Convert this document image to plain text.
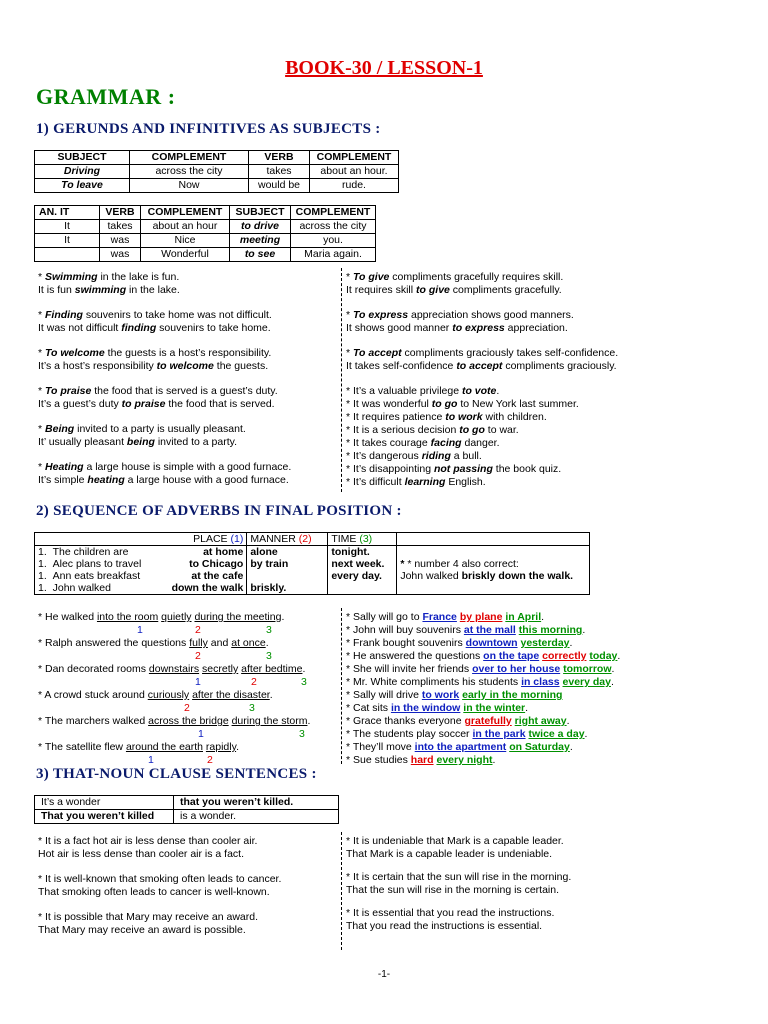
BOOK-30 / LESSON-1
GRAMMAR :
1) GERUNDS AND INFINITIVES AS SUBJECTS :
SUBJECT	COMPLEMENT	VERB	COMPLEMENT
Driving	across the city	takes	about an hour.
To leave	Now	would be	rude.
AN. IT	VERB	COMPLEMENT	SUBJECT	COMPLEMENT
It	takes	about an hour	to drive	across the city
It	was	Nice	meeting	you.
	was	Wonderful	to see	Maria again.
* Swimming in the lake is fun.
It is fun swimming in the lake.
* Finding souvenirs to take home was not difficult.
It was not difficult finding souvenirs to take home.
* To welcome the guests is a host’s responsibility.
It’s a host’s responsibility to welcome the guests.
* To praise the food that is served is a guest’s duty.
It’s a guest’s duty to praise the food that is served.
* Being invited to a party is usually pleasant.
It’ usually pleasant being invited to a party.
* Heating a large house is simple with a good furnace.
It’s simple heating a large house with a good furnace.
* To give compliments gracefully requires skill.
It requires skill to give compliments gracefully.
* To express appreciation shows good manners.
It shows good manner to express appreciation.
* To accept compliments graciously takes self-confidence.
It takes self-confidence to accept compliments graciously.
* It’s a valuable privilege to vote.
* It was wonderful to go to New York last summer.
* It requires patience to work with children.
* It is a serious decision to go to war.
* It takes courage facing danger.
* It’s dangerous riding a bull.
* It’s disappointing not passing the book quiz.
* It’s difficult learning English.
2) SEQUENCE OF ADVERBS IN FINAL POSITION :
	PLACE (1)	MANNER (2)	TIME (3)	
1. The children are	at home	alone	tonight.	
1. Alec plans to travel	to Chicago	by train	next week.	* * number 4 also correct:
1. Ann eats breakfast	at the cafe		every day.	John walked briskly down the walk.
1. John walked	down the walk	briskly.		
* He walked into the room quietly during the meeting.
1	2	3
* Ralph answered the questions fully and at once.
2	3
* Dan decorated rooms downstairs secretly after bedtime.
1	2	3
* A crowd stuck around curiously after the disaster.
2	3
* The marchers walked across the bridge during the storm.
1	3
* The satellite flew around the earth rapidly.
1	2
* Sally will go to France by plane in April.
* John will buy souvenirs at the mall this morning.
* Frank bought souvenirs downtown yesterday.
* He answered the questions on the tape correctly today.
* She will invite her friends over to her house tomorrow.
* Mr. White compliments his students in class every day.
* Sally will drive to work early in the morning
* Cat sits in the window in the winter.
* Grace thanks everyone gratefully right away.
* The students play soccer in the park twice a day.
* They’ll move into the apartment on Saturday.
* Sue studies hard every night.
3) THAT-NOUN CLAUSE SENTENCES :
It’s a wonder	that you weren’t killed.
That you weren’t killed	is a wonder.
* It is a fact hot air is less dense than cooler air.
Hot air is less dense than cooler air is a fact.
* It is well-known that smoking often leads to cancer.
That smoking often leads to cancer is well-known.
* It is possible that Mary may receive an award.
That Mary may receive an award is possible.
* It is undeniable that Mark is a capable leader.
That Mark is a capable leader is undeniable.
* It is certain that the sun will rise in the morning.
That the sun will rise in the morning is certain.
* It is essential that you read the instructions.
That you read the instructions is essential.
-1-
